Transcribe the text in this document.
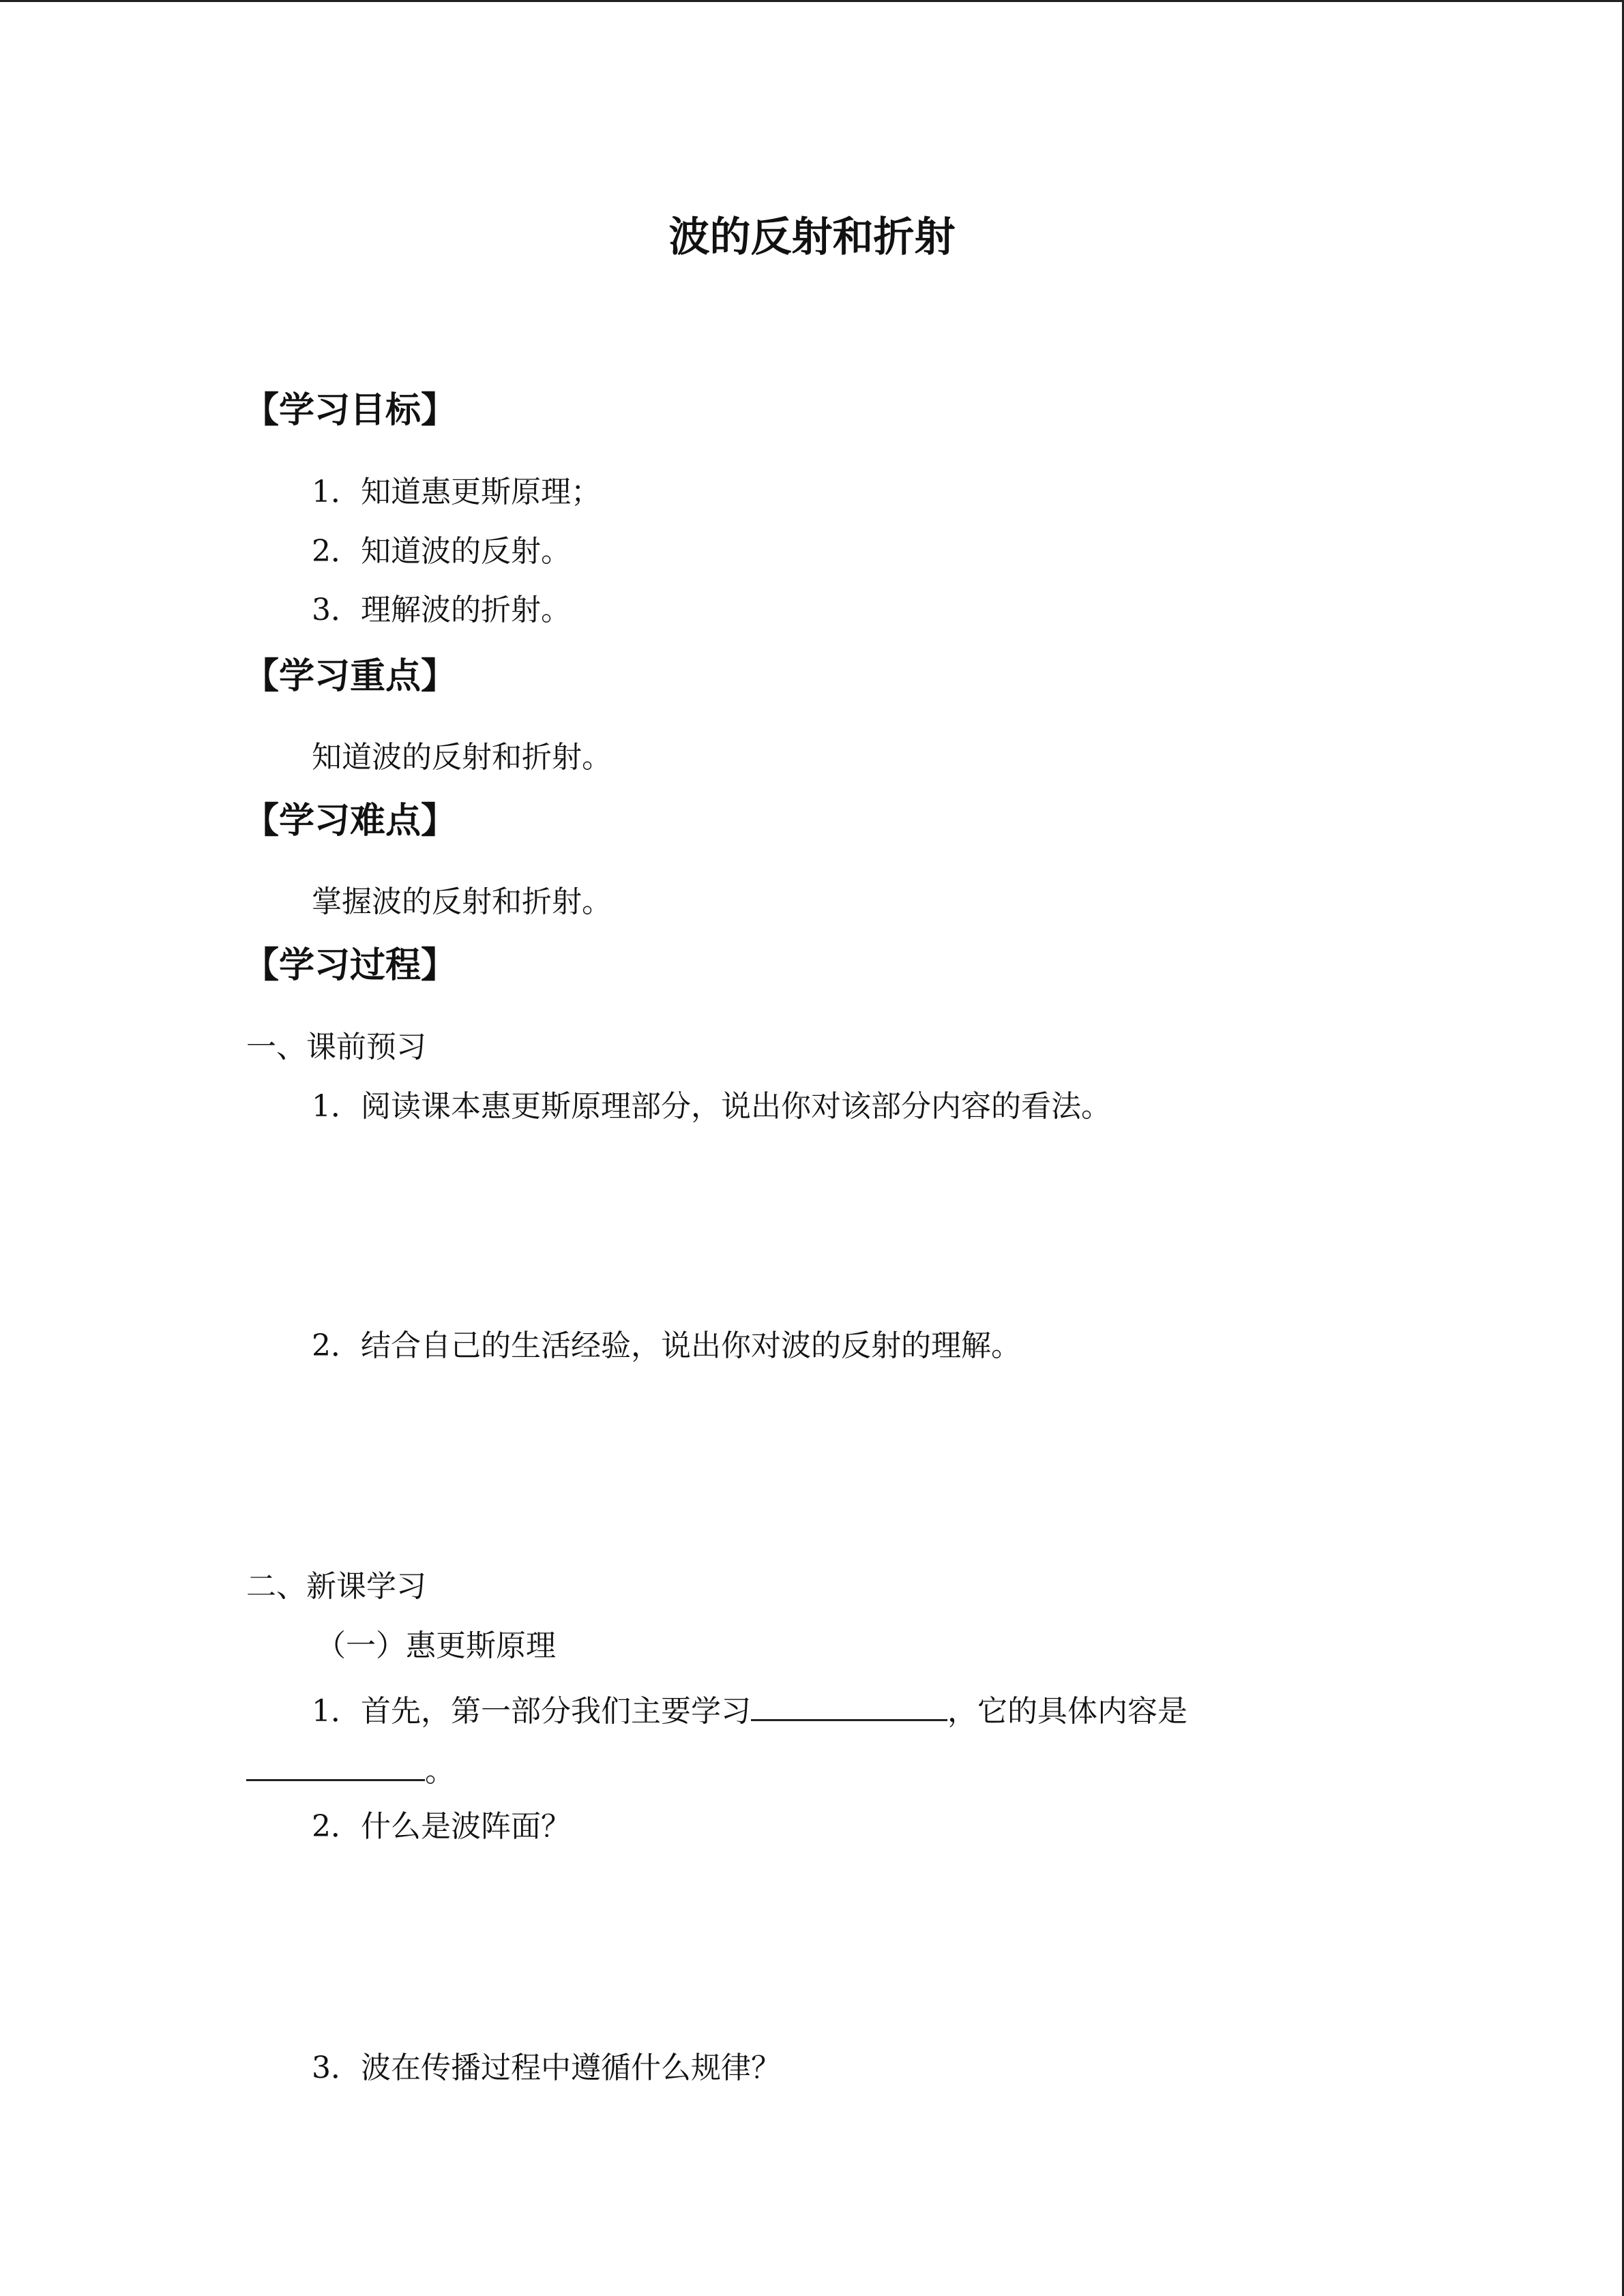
波的反射和折射
【学习目标】
1．知道惠更斯原理；
2．知道波的反射。
3．理解波的折射。
【学习重点】
知道波的反射和折射。
【学习难点】
掌握波的反射和折射。
【学习过程】
一、课前预习
1．阅读课本惠更斯原理部分，说出你对该部分内容的看法。
2．结合自己的生活经验，说出你对波的反射的理解。
二、新课学习
（一）惠更斯原理
1．首先，第一部分我们主要学习	，它的具体内容是
。
2．什么是波阵面？
3．波在传播过程中遵循什么规律？
